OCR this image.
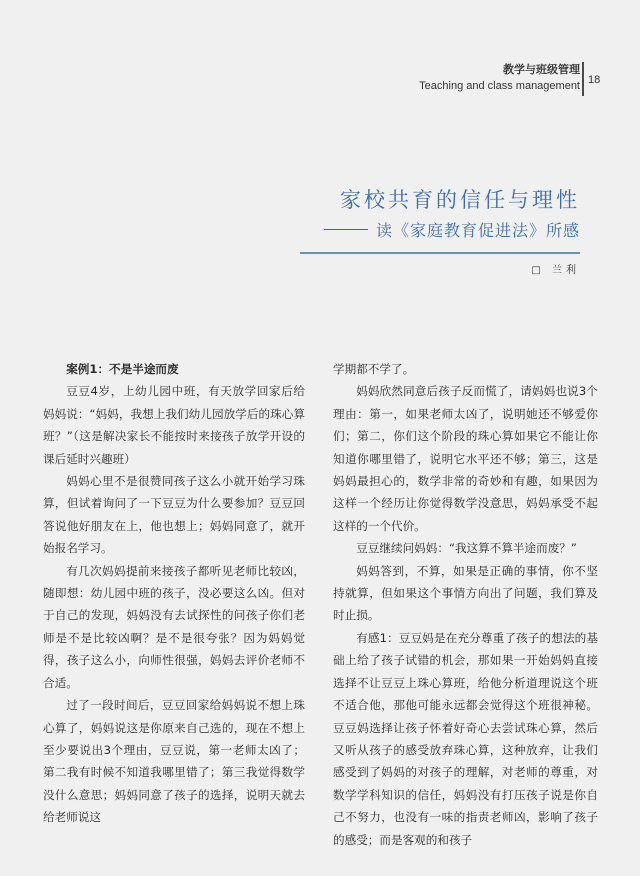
教学与班级管理
Teaching and class management 18
家校共育的信任与理性
读《家庭教育促进法》所感
□ 兰利

案例1：不是半途而废

豆豆4岁，上幼儿园中班，有天放学回家后给妈妈说：“妈妈，我想上我们幼儿园放学后的珠心算班？”（这是解决家长不能按时来接孩子放学开设的课后延时兴趣班）

妈妈心里不是很赞同孩子这么小就开始学习珠算，但试着询问了一下豆豆为什么要参加？豆豆回答说他好朋友在上，他也想上；妈妈同意了，就开始报名学习。

有几次妈妈提前来接孩子都听见老师比较凶，随即想：幼儿园中班的孩子，没必要这么凶。但对于自己的发现，妈妈没有去试探性的问孩子你们老师是不是比较凶啊？是不是很夸张？因为妈妈觉得，孩子这么小，向师性很强，妈妈去评价老师不合适。

过了一段时间后，豆豆回家给妈妈说不想上珠心算了，妈妈说这是你原来自己选的，现在不想上至少要说出3个理由，豆豆说，第一老师太凶了；第二我有时候不知道我哪里错了；第三我觉得数学没什么意思；妈妈同意了孩子的选择，说明天就去给老师说这

学期都不学了。

妈妈欣然同意后孩子反而慌了，请妈妈也说3个理由：第一，如果老师太凶了，说明她还不够爱你们；第二，你们这个阶段的珠心算如果它不能让你知道你哪里错了，说明它水平还不够；第三，这是妈妈最担心的，数学非常的奇妙和有趣，如果因为这样一个经历让你觉得数学没意思，妈妈承受不起这样的一个代价。

豆豆继续问妈妈：“我这算不算半途而废？”

妈妈答到，不算，如果是正确的事情，你不坚持就算，但如果这个事情方向出了问题，我们算及时止损。

有感1：豆豆妈是在充分尊重了孩子的想法的基础上给了孩子试错的机会，那如果一开始妈妈直接选择不让豆豆上珠心算班，给他分析道理说这个班不适合他，那他可能永远都会觉得这个班很神秘。豆豆妈选择让孩子怀着好奇心去尝试珠心算，然后又听从孩子的感受放弃珠心算，这种放弃，让我们感受到了妈妈的对孩子的理解，对老师的尊重，对数学学科知识的信任，妈妈没有打压孩子说是你自己不努力，也没有一味的指责老师凶，影响了孩子的感受；而是客观的和孩子
